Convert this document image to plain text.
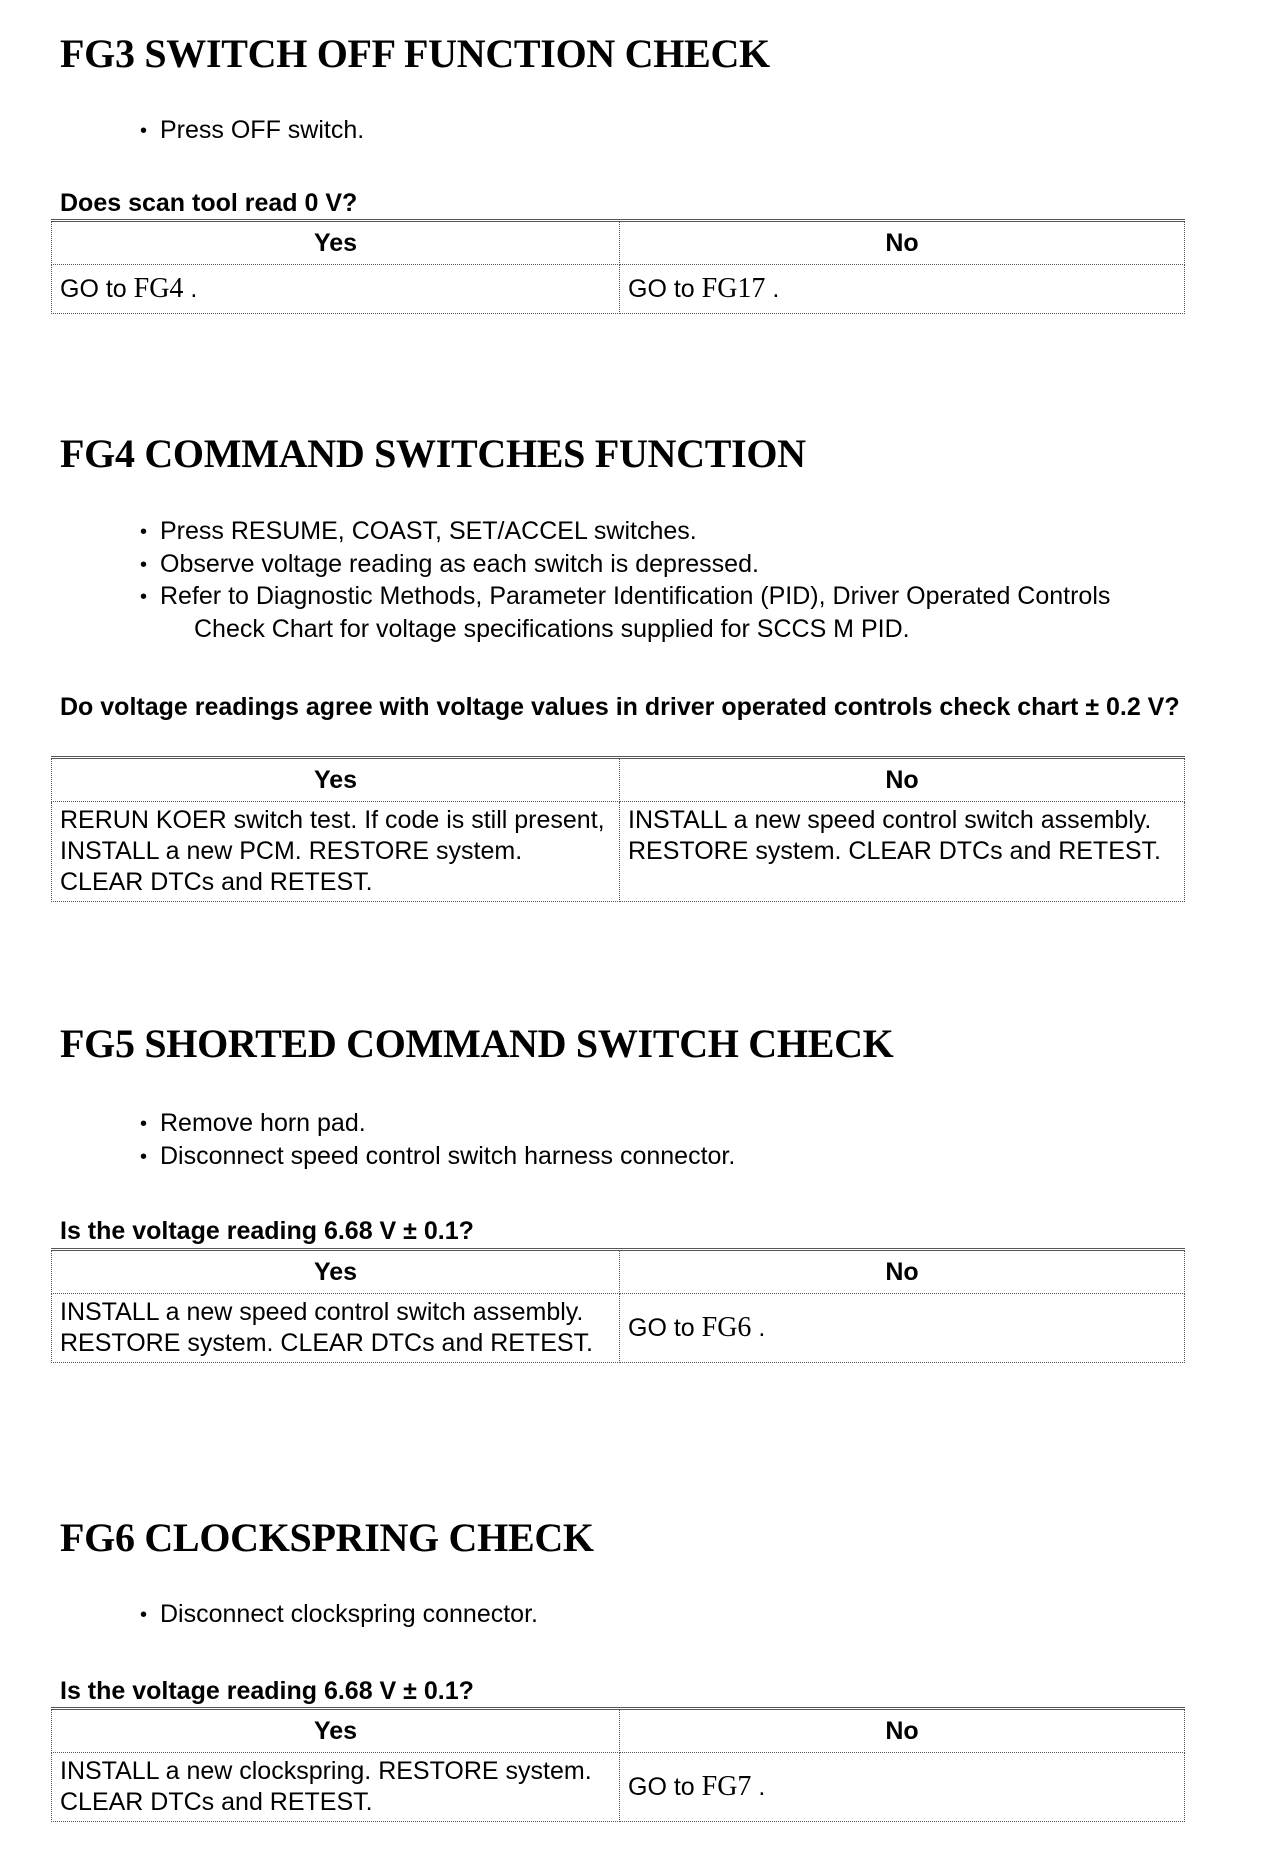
FG3 SWITCH OFF FUNCTION CHECK
• Press OFF switch.

Does scan tool read 0 V?

Yes	No
GO to FG4 .	GO to FG17 .
FG4 COMMAND SWITCHES FUNCTION
• Press RESUME, COAST, SET/ACCEL switches.
• Observe voltage reading as each switch is depressed.
• Refer to Diagnostic Methods, Parameter Identification (PID), Driver Operated Controls
Check Chart for voltage specifications supplied for SCCS M PID.

Do voltage readings agree with voltage values in driver operated controls check chart ± 0.2 V?

Yes	No
RERUN KOER switch test. If code is still present, INSTALL a new PCM. RESTORE system. CLEAR DTCs and RETEST.	INSTALL a new speed control switch assembly. RESTORE system. CLEAR DTCs and RETEST.
FG5 SHORTED COMMAND SWITCH CHECK
• Remove horn pad.
• Disconnect speed control switch harness connector.

Is the voltage reading 6.68 V ± 0.1?

Yes	No
INSTALL a new speed control switch assembly. RESTORE system. CLEAR DTCs and RETEST.	GO to FG6 .
FG6 CLOCKSPRING CHECK
• Disconnect clockspring connector.

Is the voltage reading 6.68 V ± 0.1?

Yes	No
INSTALL a new clockspring. RESTORE system. CLEAR DTCs and RETEST.	GO to FG7 .
